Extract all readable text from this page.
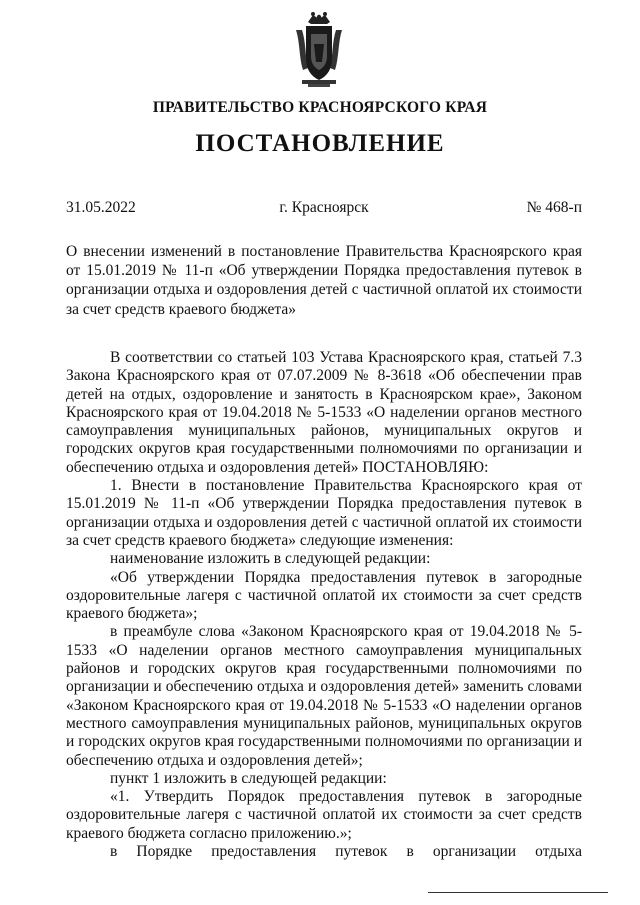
ПРАВИТЕЛЬСТВО КРАСНОЯРСКОГО КРАЯ
ПОСТАНОВЛЕНИЕ
31.05.2022	г. Красноярск	№ 468-п
О внесении изменений в постановление Правительства Красноярского края от 15.01.2019 № 11-п «Об утверждении Порядка предоставления путевок в организации отдыха и оздоровления детей с частичной оплатой их стоимости за счет средств краевого бюджета»

В соответствии со статьей 103 Устава Красноярского края, статьей 7.3 Закона Красноярского края от 07.07.2009 № 8-3618 «Об обеспечении прав детей на отдых, оздоровление и занятость в Красноярском крае», Законом Красноярского края от 19.04.2018 № 5-1533 «О наделении органов местного самоуправления муниципальных районов, муниципальных округов и городских округов края государственными полномочиями по организации и обеспечению отдыха и оздоровления детей» ПОСТАНОВЛЯЮ:

1. Внести в постановление Правительства Красноярского края от 15.01.2019 № 11-п «Об утверждении Порядка предоставления путевок в организации отдыха и оздоровления детей с частичной оплатой их стоимости за счет средств краевого бюджета» следующие изменения:

наименование изложить в следующей редакции:

«Об утверждении Порядка предоставления путевок в загородные оздоровительные лагеря с частичной оплатой их стоимости за счет средств краевого бюджета»;

в преамбуле слова «Законом Красноярского края от 19.04.2018 № 5-1533 «О наделении органов местного самоуправления муниципальных районов и городских округов края государственными полномочиями по организации и обеспечению отдыха и оздоровления детей» заменить словами «Законом Красноярского края от 19.04.2018 № 5-1533 «О наделении органов местного самоуправления муниципальных районов, муниципальных округов и городских округов края государственными полномочиями по организации и обеспечению отдыха и оздоровления детей»;

пункт 1 изложить в следующей редакции:

«1. Утвердить Порядок предоставления путевок в загородные оздоровительные лагеря с частичной оплатой их стоимости за счет средств краевого бюджета согласно приложению.»;

в Порядке предоставления путевок в организации отдыха
